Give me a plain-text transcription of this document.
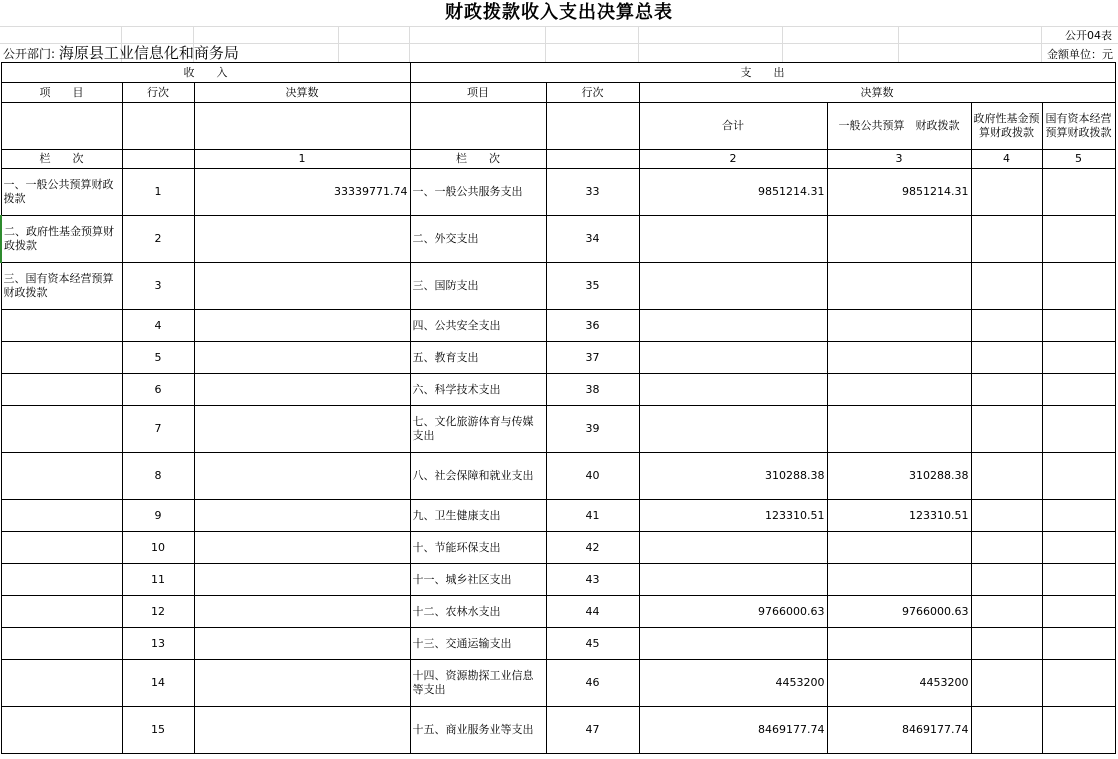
财政拨款收入支出决算总表
公开04表
公开部门: 海原县工业信息化和商务局	金额单位：元
收　　入			支　　出					
项　　目	行次	决算数	项目	行次	决算数			
					合计	一般公共预算　财政拨款	政府性基金预算财政拨款	国有资本经营预算财政拨款
栏　　次		1	栏　　次		2	3	4	5
一、一般公共预算财政拨款	1	33339771.74	一、一般公共服务支出	33	9851214.31	9851214.31		
二、政府性基金预算财政拨款	2		二、外交支出	34				
三、国有资本经营预算财政拨款	3		三、国防支出	35				
	4		四、公共安全支出	36				
	5		五、教育支出	37				
	6		六、科学技术支出	38				
	7		七、文化旅游体育与传媒支出	39				
	8		八、社会保障和就业支出	40	310288.38	310288.38		
	9		九、卫生健康支出	41	123310.51	123310.51		
	10		十、节能环保支出	42				
	11		十一、城乡社区支出	43				
	12		十二、农林水支出	44	9766000.63	9766000.63		
	13		十三、交通运输支出	45				
	14		十四、资源勘探工业信息等支出	46	4453200	4453200		
	15		十五、商业服务业等支出	47	8469177.74	8469177.74		
